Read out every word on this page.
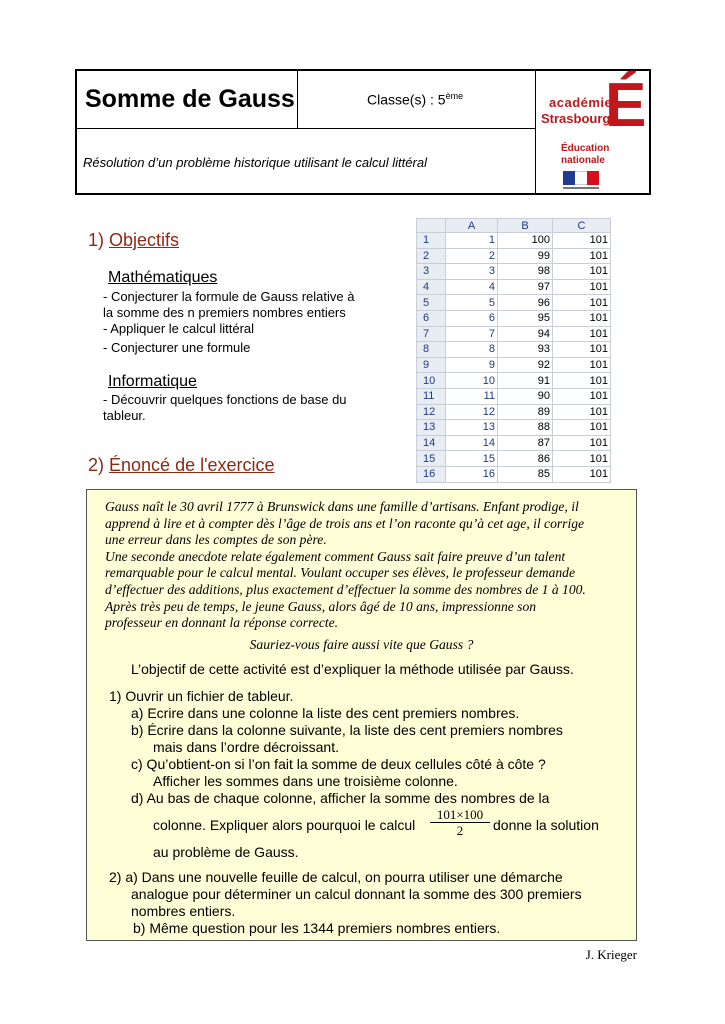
Somme de Gauss	Classe(s) : 5ème
Résolution d’un problème historique utilisant le calcul littéral
académie
Strasbourg
É
Éducation
nationale
1) Objectifs
Mathématiques
- Conjecturer la formule de Gauss relative à
la somme des n premiers nombres entiers
- Appliquer le calcul littéral
- Conjecturer une formule
Informatique
- Découvrir quelques fonctions de base du
tableur.
2) Énoncé de l'exercice
	A	B	C
1	1	100	101
2	2	99	101
3	3	98	101
4	4	97	101
5	5	96	101
6	6	95	101
7	7	94	101
8	8	93	101
9	9	92	101
10	10	91	101
11	11	90	101
12	12	89	101
13	13	88	101
14	14	87	101
15	15	86	101
16	16	85	101
Gauss naît le 30 avril 1777 à Brunswick dans une famille d’artisans. Enfant prodige, il
apprend à lire et à compter dès l’âge de trois ans et l’on raconte qu’à cet age, il corrige
une erreur dans les comptes de son père.
Une seconde anecdote relate également comment Gauss sait faire preuve d’un talent
remarquable pour le calcul mental. Voulant occuper ses élèves, le professeur demande
d’effectuer des additions, plus exactement d’effectuer la somme des nombres de 1 à 100.
Après très peu de temps, le jeune Gauss, alors âgé de 10 ans, impressionne son
professeur en donnant la réponse correcte.
Sauriez-vous faire aussi vite que Gauss ?
L’objectif de cette activité est d’expliquer la méthode utilisée par Gauss.
1) Ouvrir un fichier de tableur.
a) Ecrire dans une colonne la liste des cent premiers nombres.
b) Écrire dans la colonne suivante, la liste des cent premiers nombres
mais dans l’ordre décroissant.
c) Qu’obtient-on si l’on fait la somme de deux cellules côté à côte ?
Afficher les sommes dans une troisième colonne.
d) Au bas de chaque colonne, afficher la somme des nombres de la
colonne. Expliquer alors pourquoi le calcul $\frac{101\times 100}{2}$ donne la solution
au problème de Gauss.
2) a) Dans une nouvelle feuille de calcul, on pourra utiliser une démarche
analogue pour déterminer un calcul donnant la somme des 300 premiers
nombres entiers.
b) Même question pour les 1344 premiers nombres entiers.
J. Krieger
